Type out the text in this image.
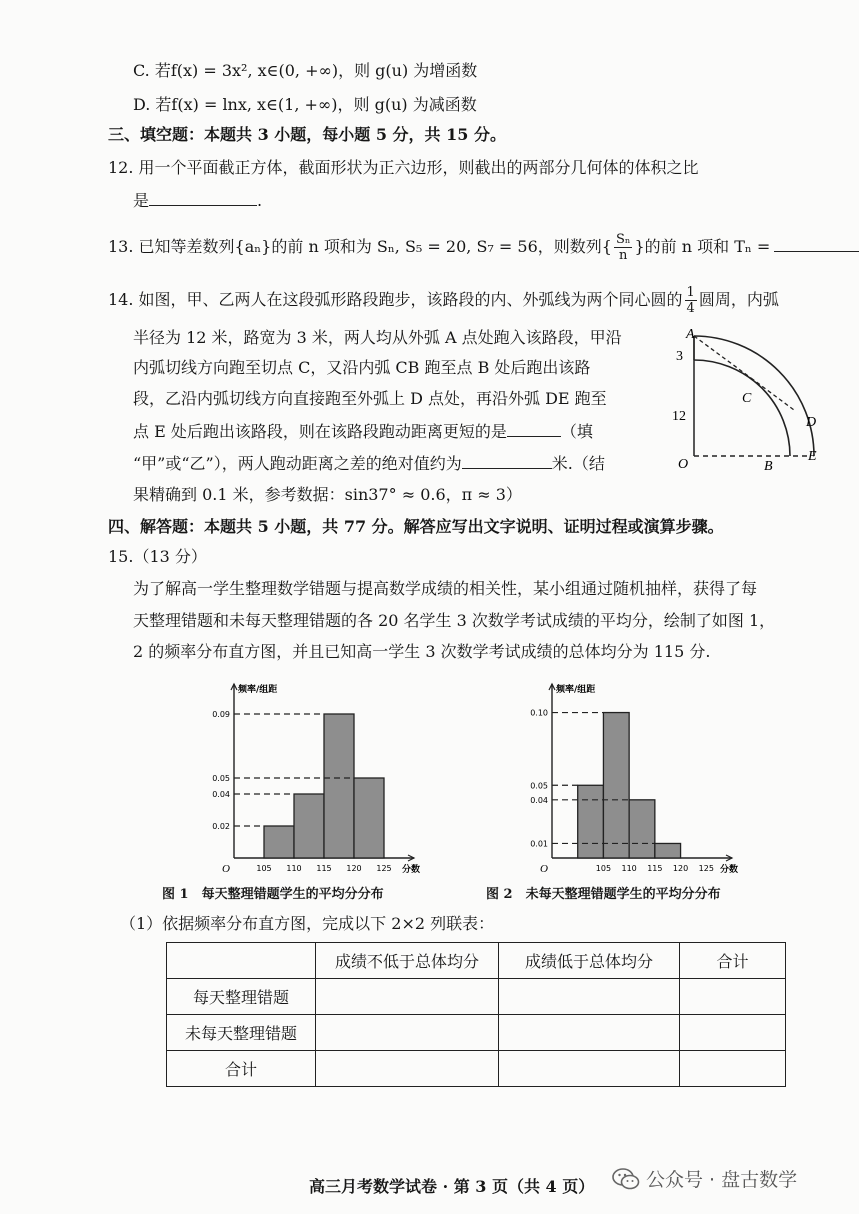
C. 若f(x) = 3x², x∈(0, +∞)，则 g(u) 为增函数
D. 若f(x) = lnx, x∈(1, +∞)，则 g(u) 为减函数
三、填空题：本题共 3 小题，每小题 5 分，共 15 分。
12. 用一个平面截正方体，截面形状为正六边形，则截出的两部分几何体的体积之比
是	.
13. 已知等差数列{aₙ}的前 n 项和为 Sₙ, S₅ = 20, S₇ = 56，则数列{ $\frac{\text{Sₙ}}{n}$ }的前 n 项和 Tₙ =
14. 如图，甲、乙两人在这段弧形路段跑步，该路段的内、外弧线为两个同心圆的 $\frac{1}{4}$ 圆周，内弧
半径为 12 米，路宽为 3 米，两人均从外弧 A 点处跑入该路段，甲沿
内弧切线方向跑至切点 C，又沿内弧 CB 跑至点 B 处后跑出该路
段，乙沿内弧切线方向直接跑至外弧上 D 点处，再沿外弧 DE 跑至
点 E 处后跑出该路段，则在该路段跑动距离更短的是	（填
“甲”或“乙”），两人跑动距离之差的绝对值约为	米.（结
果精确到 0.1 米，参考数据：sin37° ≈ 0.6，π ≈ 3）
A
3
12
C
D
O	B
E
四、解答题：本题共 5 小题，共 77 分。解答应写出文字说明、证明过程或演算步骤。
15.（13 分）
为了解高一学生整理数学错题与提高数学成绩的相关性，某小组通过随机抽样，获得了每
天整理错题和未每天整理错题的各 20 名学生 3 次数学考试成绩的平均分，绘制了如图 1，
2 的频率分布直方图，并且已知高一学生 3 次数学考试成绩的总体均分为 115 分.
频率/组距
分数
O
0.09
0.05
0.04
0.02
105 110 115 120 125
频率/组距
分数
O
0.10
0.05
0.04
0.01
105 110 115 120 125
图 1　每天整理错题学生的平均分分布	图 2　未每天整理错题学生的平均分分布
（1）依据频率分布直方图，完成以下 2×2 列联表：
	成绩不低于总体均分	成绩低于总体均分	合计
每天整理错题			
未每天整理错题			
合计			
高三月考数学试卷 · 第 3 页（共 4 页）	公众号 · 盘古数学
